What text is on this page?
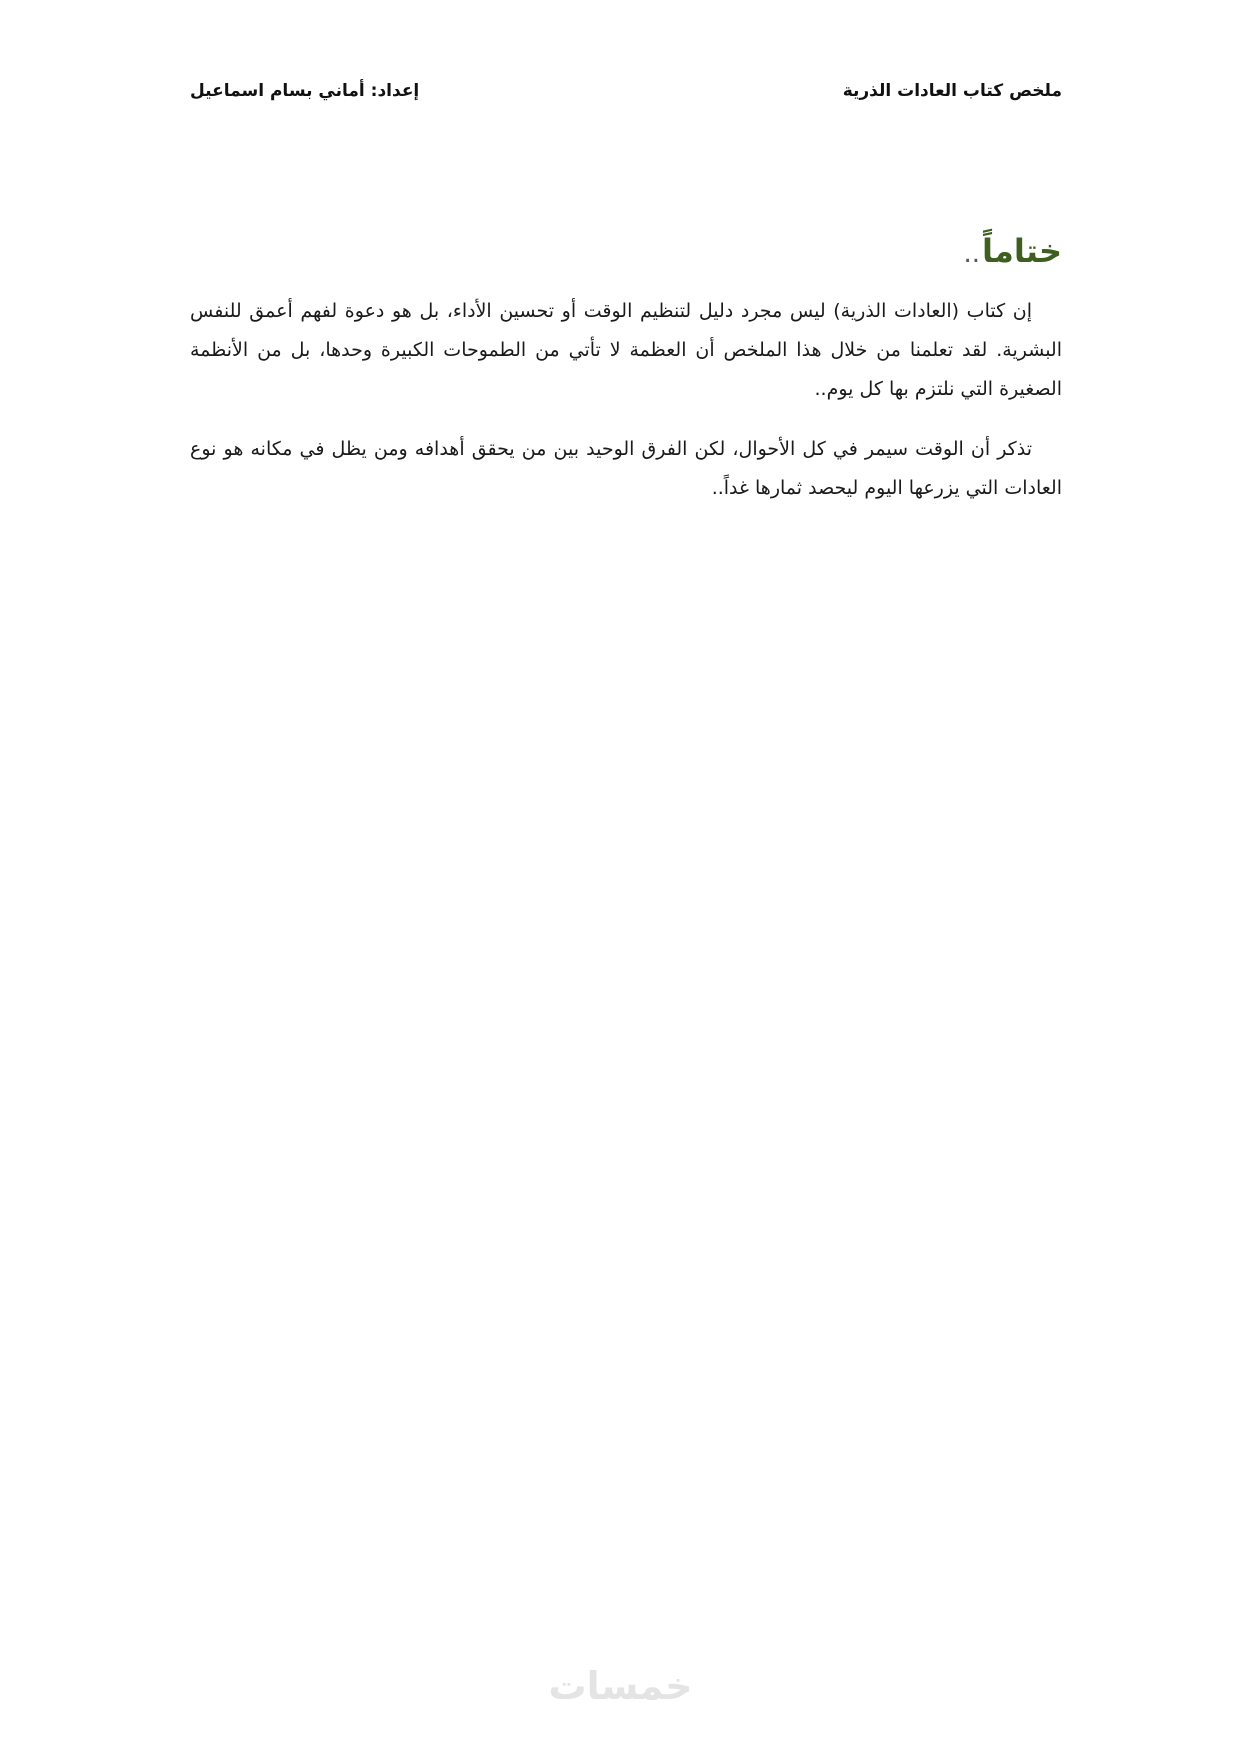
ملخص كتاب العادات الذرية
إعداد: أماني بسام اسماعيل
ختاماً
..

إن كتاب (العادات الذرية) ليس مجرد دليل لتنظيم الوقت أو تحسين الأداء، بل هو دعوة لفهم أعمق للنفس البشرية. لقد تعلمنا من خلال هذا الملخص أن العظمة لا تأتي من الطموحات الكبيرة وحدها، بل من الأنظمة الصغيرة التي نلتزم بها كل يوم..

تذكر أن الوقت سيمر في كل الأحوال، لكن الفرق الوحيد بين من يحقق أهدافه ومن يظل في مكانه هو نوع العادات التي يزرعها اليوم ليحصد ثمارها غداً..

خمسات
